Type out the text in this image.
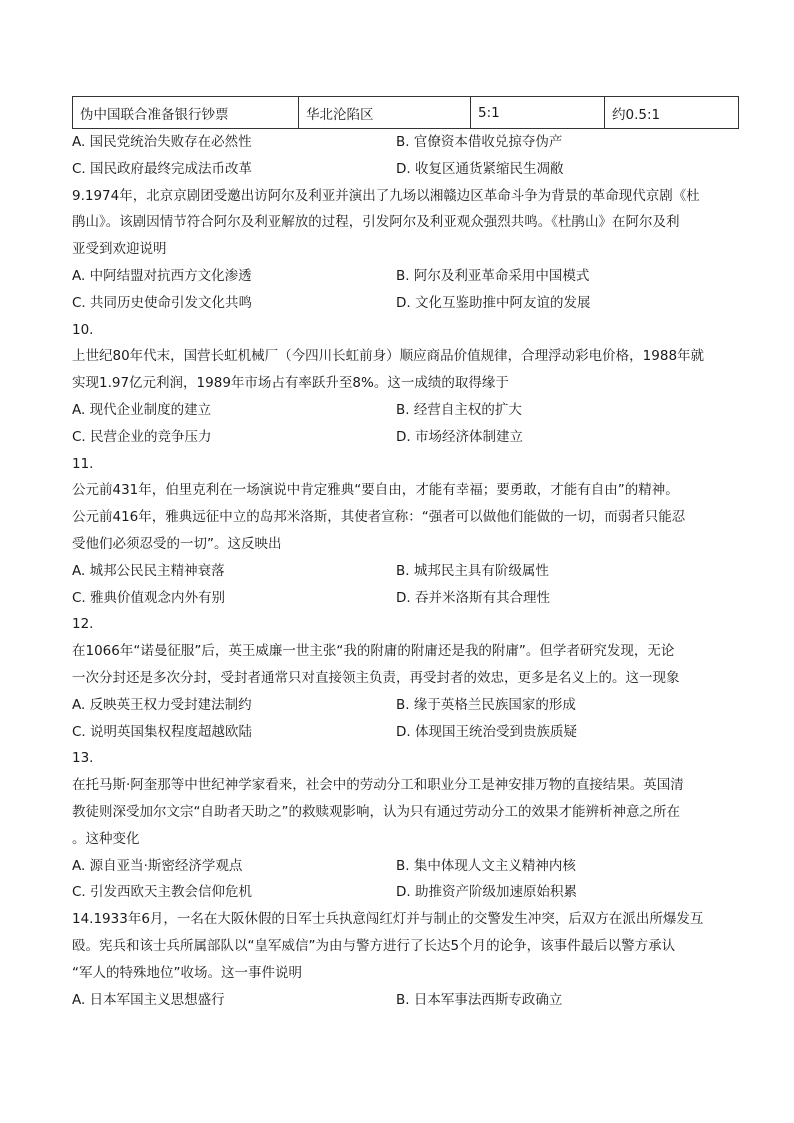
伪中国联合准备银行钞票	华北沦陷区	5:1	约0.5:1
A. 国民党统治失败存在必然性	B. 官僚资本借收兑掠夺伪产
C. 国民政府最终完成法币改革	D. 收复区通货紧缩民生凋敝
9.1974年，北京京剧团受邀出访阿尔及利亚并演出了九场以湘赣边区革命斗争为背景的革命现代京剧《杜
鹃山》。该剧因情节符合阿尔及利亚解放的过程，引发阿尔及利亚观众强烈共鸣。《杜鹃山》在阿尔及利
亚受到欢迎说明
A. 中阿结盟对抗西方文化渗透	B. 阿尔及利亚革命采用中国模式
C. 共同历史使命引发文化共鸣	D. 文化互鉴助推中阿友谊的发展
10.
上世纪80年代末，国营长虹机械厂（今四川长虹前身）顺应商品价值规律，合理浮动彩电价格，1988年就
实现1.97亿元利润，1989年市场占有率跃升至8%。这一成绩的取得缘于
A. 现代企业制度的建立	B. 经营自主权的扩大
C. 民营企业的竞争压力	D. 市场经济体制建立
11.
公元前431年，伯里克利在一场演说中肯定雅典“要自由，才能有幸福；要勇敢，才能有自由”的精神。
公元前416年，雅典远征中立的岛邦米洛斯，其使者宣称：“强者可以做他们能做的一切，而弱者只能忍
受他们必须忍受的一切”。这反映出
A. 城邦公民民主精神衰落	B. 城邦民主具有阶级属性
C. 雅典价值观念内外有别	D. 吞并米洛斯有其合理性
12.
在1066年“诺曼征服”后，英王威廉一世主张“我的附庸的附庸还是我的附庸”。但学者研究发现，无论
一次分封还是多次分封，受封者通常只对直接领主负责，再受封者的效忠，更多是名义上的。这一现象
A. 反映英王权力受封建法制约	B. 缘于英格兰民族国家的形成
C. 说明英国集权程度超越欧陆	D. 体现国王统治受到贵族质疑
13.
在托马斯·阿奎那等中世纪神学家看来，社会中的劳动分工和职业分工是神安排万物的直接结果。英国清
教徒则深受加尔文宗“自助者天助之”的救赎观影响，认为只有通过劳动分工的效果才能辨析神意之所在
。这种变化
A. 源自亚当·斯密经济学观点	B. 集中体现人文主义精神内核
C. 引发西欧天主教会信仰危机	D. 助推资产阶级加速原始积累
14.1933年6月，一名在大阪休假的日军士兵执意闯红灯并与制止的交警发生冲突，后双方在派出所爆发互
殴。宪兵和该士兵所属部队以“皇军威信”为由与警方进行了长达5个月的论争，该事件最后以警方承认
“军人的特殊地位”收场。这一事件说明
A. 日本军国主义思想盛行	B. 日本军事法西斯专政确立
